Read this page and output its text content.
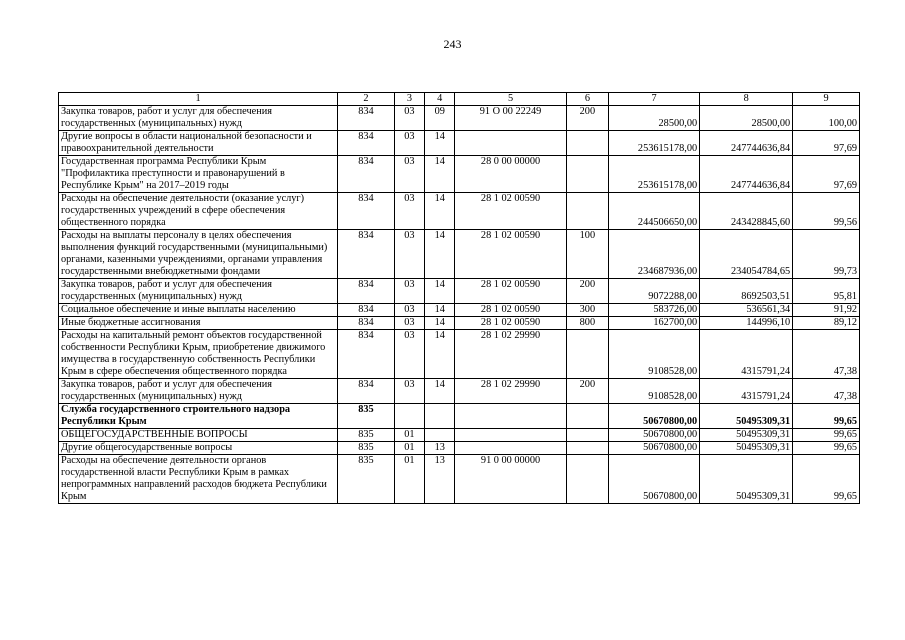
243
1	2	3	4	5	6	7	8	9
Закупка товаров, работ и услуг для обеспечения государственных (муниципальных) нужд	834	03	09	91 О 00 22249	200	28500,00	28500,00	100,00
Другие вопросы в области национальной безопасности и правоохранительной деятельности	834	03	14			253615178,00	247744636,84	97,69
Государственная программа Республики Крым "Профилактика преступности и правонарушений в Республике Крым" на 2017–2019 годы	834	03	14	28 0 00 00000		253615178,00	247744636,84	97,69
Расходы на обеспечение деятельности (оказание услуг) государственных учреждений в сфере обеспечения общественного порядка	834	03	14	28 1 02 00590		244506650,00	243428845,60	99,56
Расходы на выплаты персоналу в целях обеспечения выполнения функций государственными (муниципальными) органами, казенными учреждениями, органами управления государственными внебюджетными фондами	834	03	14	28 1 02 00590	100	234687936,00	234054784,65	99,73
Закупка товаров, работ и услуг для обеспечения государственных (муниципальных) нужд	834	03	14	28 1 02 00590	200	9072288,00	8692503,51	95,81
Социальное обеспечение и иные выплаты населению	834	03	14	28 1 02 00590	300	583726,00	536561,34	91,92
Иные бюджетные ассигнования	834	03	14	28 1 02 00590	800	162700,00	144996,10	89,12
Расходы на капитальный ремонт объектов государственной собственности Республики Крым, приобретение движимого имущества в государственную собственность Республики Крым в сфере обеспечения общественного порядка	834	03	14	28 1 02 29990		9108528,00	4315791,24	47,38
Закупка товаров, работ и услуг для обеспечения государственных (муниципальных) нужд	834	03	14	28 1 02 29990	200	9108528,00	4315791,24	47,38
Служба государственного строительного надзора Республики Крым	835					50670800,00	50495309,31	99,65
ОБЩЕГОСУДАРСТВЕННЫЕ ВОПРОСЫ	835	01				50670800,00	50495309,31	99,65
Другие общегосударственные вопросы	835	01	13			50670800,00	50495309,31	99,65
Расходы на обеспечение деятельности органов государственной власти Республики Крым в рамках непрограммных направлений расходов бюджета Республики Крым	835	01	13	91 0 00 00000		50670800,00	50495309,31	99,65
